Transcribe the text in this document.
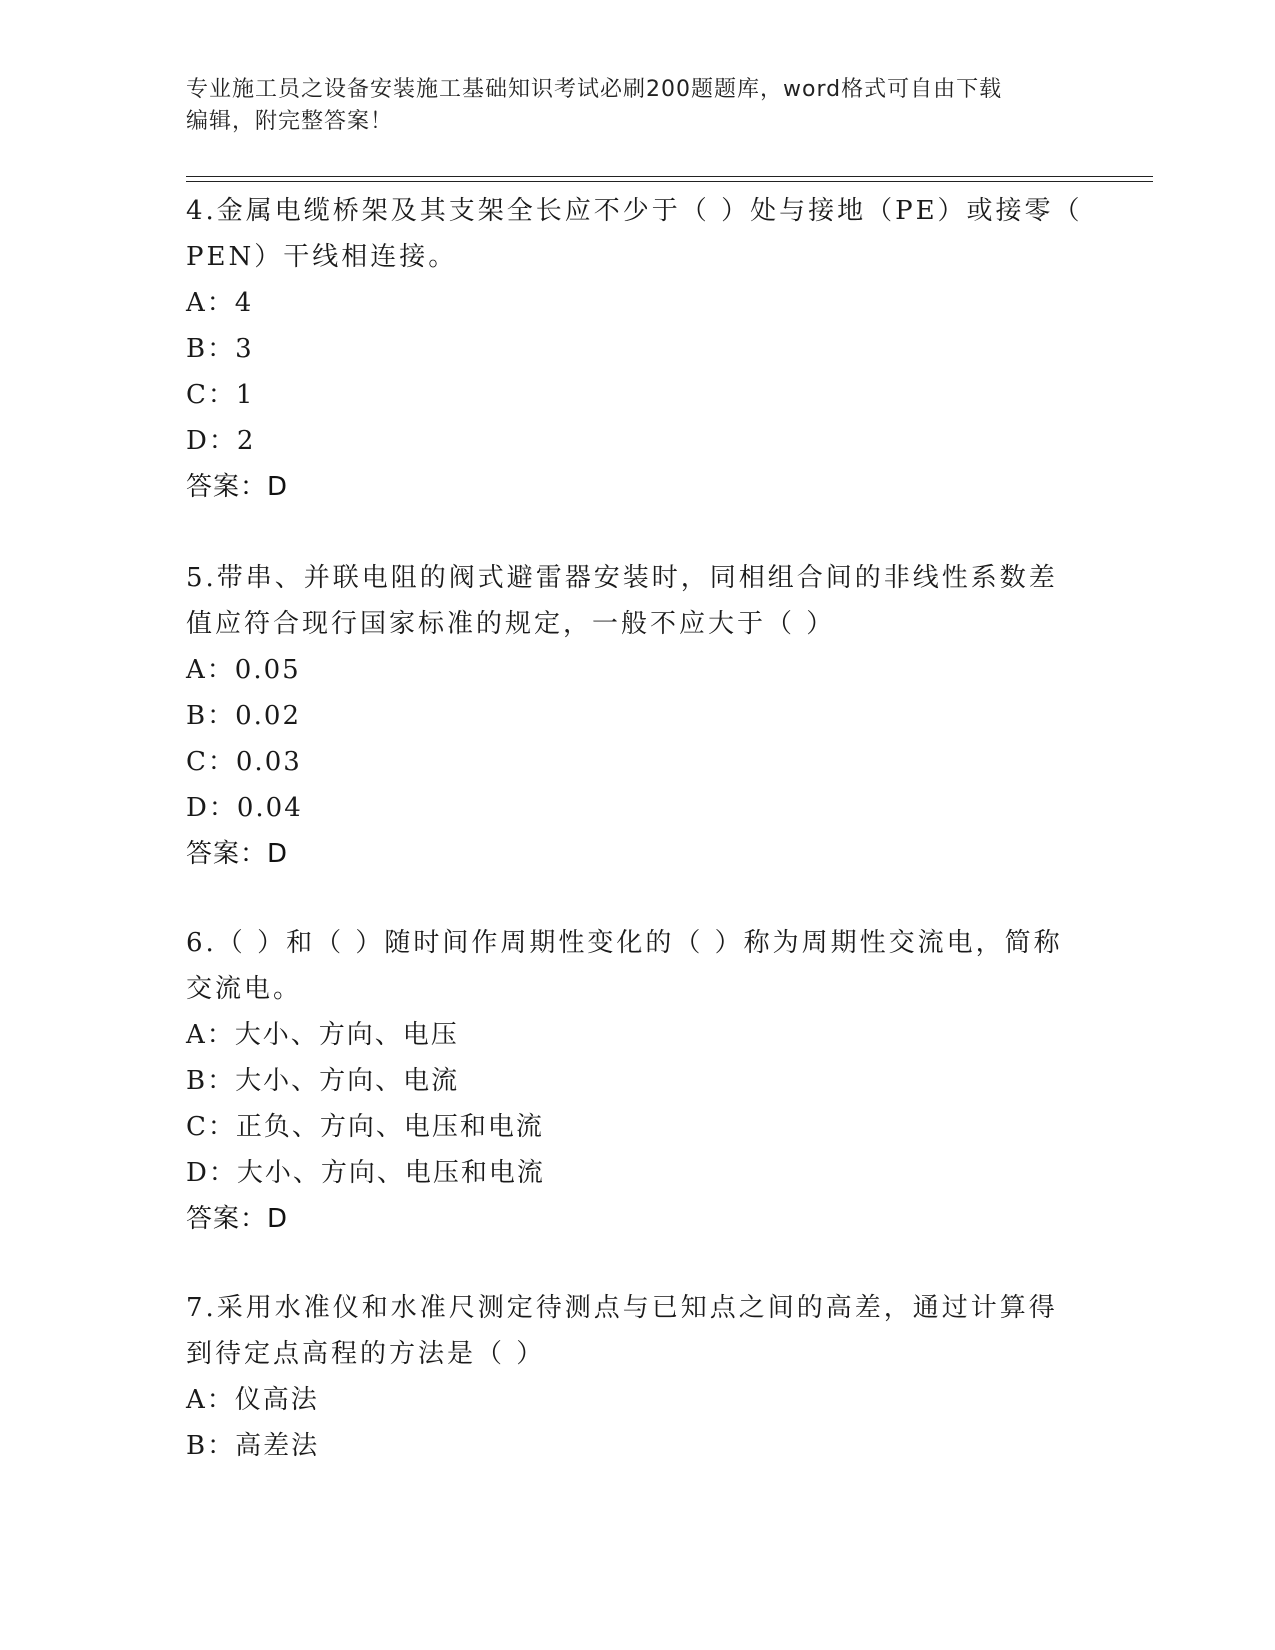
专业施工员之设备安装施工基础知识考试必刷200题题库，word格式可自由下载
编辑，附完整答案！

4.金属电缆桥架及其支架全长应不少于（ ）处与接地（PE）或接零（

PEN）干线相连接。

A：4

B：3

C：1

D：2

答案：D

5.带串、并联电阻的阀式避雷器安装时，同相组合间的非线性系数差

值应符合现行国家标准的规定，一般不应大于（ ）

A：0.05

B：0.02

C：0.03

D：0.04

答案：D

6.（ ）和（ ）随时间作周期性变化的（ ）称为周期性交流电，简称

交流电。

A：大小、方向、电压

B：大小、方向、电流

C：正负、方向、电压和电流

D：大小、方向、电压和电流

答案：D

7.采用水准仪和水准尺测定待测点与已知点之间的高差，通过计算得

到待定点高程的方法是（ ）

A：仪高法

B：高差法
